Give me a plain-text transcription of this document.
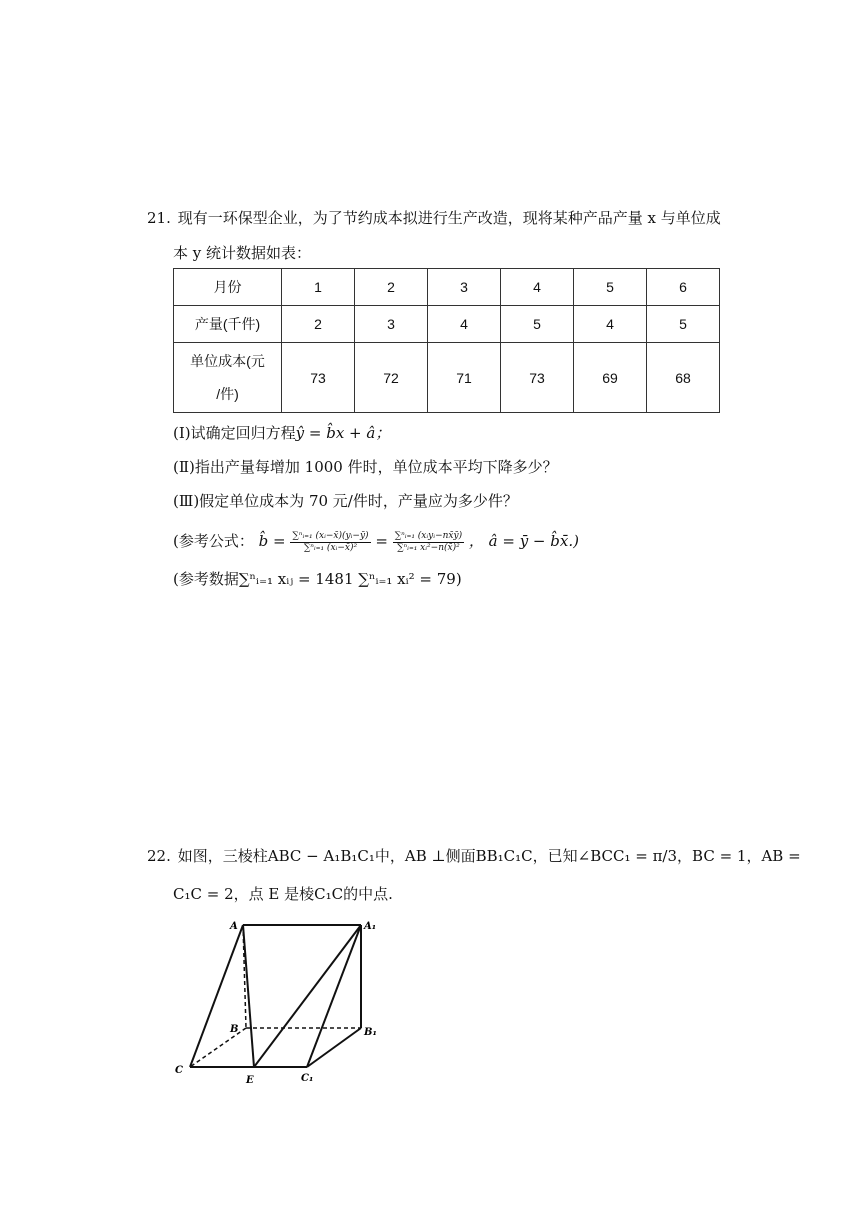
21. 现有一环保型企业，为了节约成本拟进行生产改造，现将某种产品产量 x 与单位成
本 y 统计数据如表：
月份	1	2	3	4	5	6
产量(千件)	2	3	4	5	4	5

单位成本(元
/件)	73	72	71	73	69	68
(Ⅰ)试确定回归方程ŷ = b̂x + â；
(Ⅱ)指出产量每增加 1000 件时，单位成本平均下降多少？
(Ⅲ)假定单位成本为 70 元/件时，产量应为多少件？
(参考公式： b̂ = $\frac{\text{∑ⁿᵢ₌₁ (xᵢ−x̄)(yᵢ−ȳ)}}{\text{∑ⁿᵢ₌₁ (xᵢ−x̄)²}} = \frac{\text{∑ⁿᵢ₌₁ (xᵢyᵢ−nx̄ȳ)}}{\text{∑ⁿᵢ₌₁ xᵢ²−n(x̄)²}}$ ， â = ȳ − b̂x̄.)
(参考数据∑ⁿᵢ₌₁ xᵢⱼ = 1481 ∑ⁿᵢ₌₁ xᵢ² = 79)
22. 如图，三棱柱ABC − A₁B₁C₁中，AB ⊥侧面BB₁C₁C，已知∠BCC₁ = π/3，BC = 1，AB =
C₁C = 2，点 E 是棱C₁C的中点.
A	A₁
B	B₁
C
E	C₁
